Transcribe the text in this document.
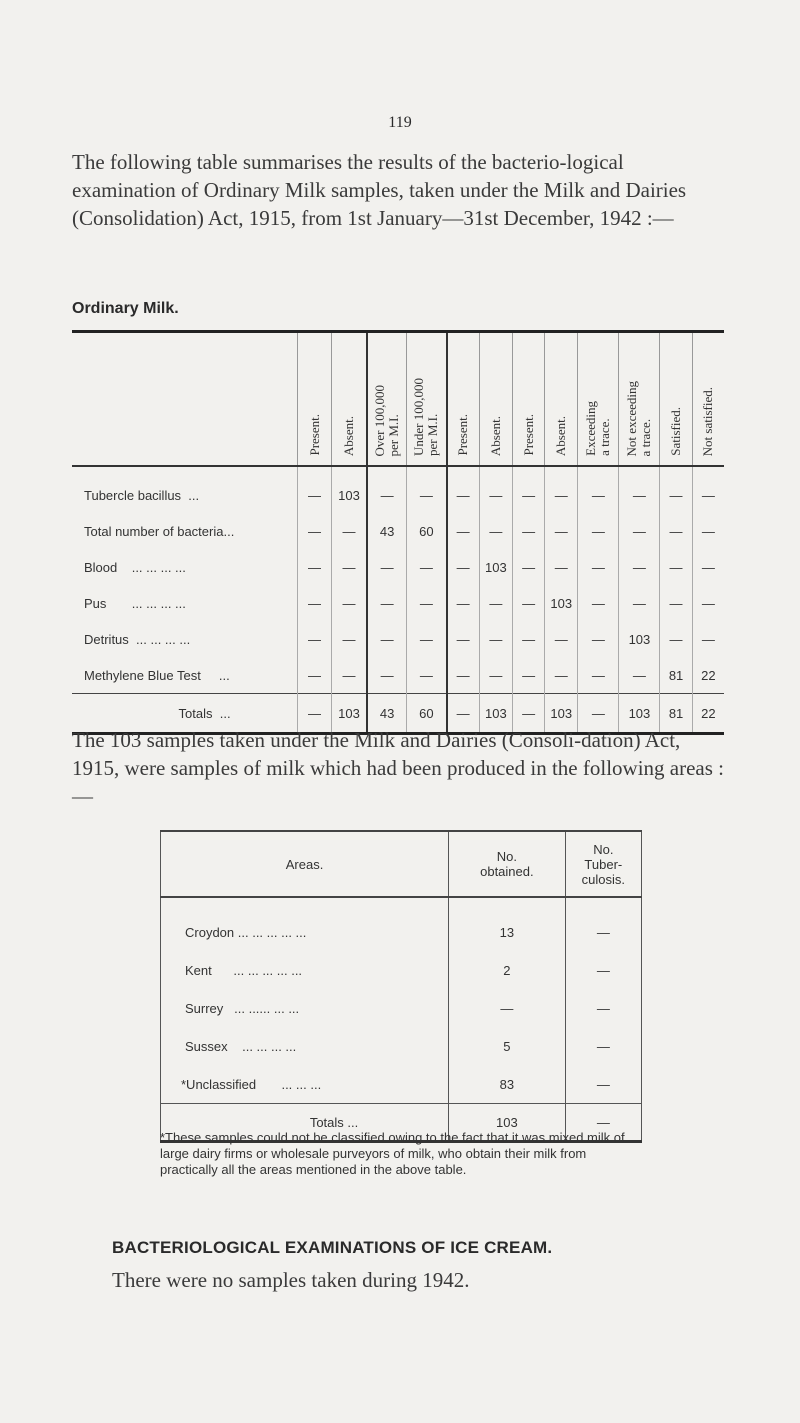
119
The following table summarises the results of the bacterio-logical examination of Ordinary Milk samples, taken under the Milk and Dairies (Consolidation) Act, 1915, from 1st January—31st December, 1942 :—
Ordinary Milk.
	Present.	Absent.	Over 100,000
per M.I.	Under 100,000
per M.I.	Present.	Absent.	Present.	Absent.	Exceeding
a trace.	Not exceeding
a trace.	Satisfied.	Not satisfied.
Tubercle bacillus ...	—	103	—	—	—	—	—	—	—	—	—	—
Total number of bacteria...	—	—	43	60	—	—	—	—	—	—	—	—
Blood ... ... ... ...	—	—	—	—	—	103	—	—	—	—	—	—
Pus ... ... ... ...	—	—	—	—	—	—	—	103	—	—	—	—
Detritus ... ... ... ...	—	—	—	—	—	—	—	—	—	103	—	—
Methylene Blue Test ...	—	—	—	—	—	—	—	—	—	—	81	22
Totals ...	—	103	43	60	—	103	—	103	—	103	81	22
The 103 samples taken under the Milk and Dairies (Consoli-dation) Act, 1915, were samples of milk which had been produced in the following areas :—
Areas.	No. obtained.	No. Tuber-culosis.
Croydon ... ... ... ... ...	13	—
Kent ... ... ... ... ...	2	—
Surrey ... ...... ... ...	—	—
Sussex ... ... ... ...	5	—
*Unclassified ... ... ...	83	—
Totals ...	103	—
*These samples could not be classified owing to the fact that it was mixed milk of large dairy firms or wholesale purveyors of milk, who obtain their milk from practically all the areas mentioned in the above table.
BACTERIOLOGICAL EXAMINATIONS OF ICE CREAM.
There were no samples taken during 1942.
